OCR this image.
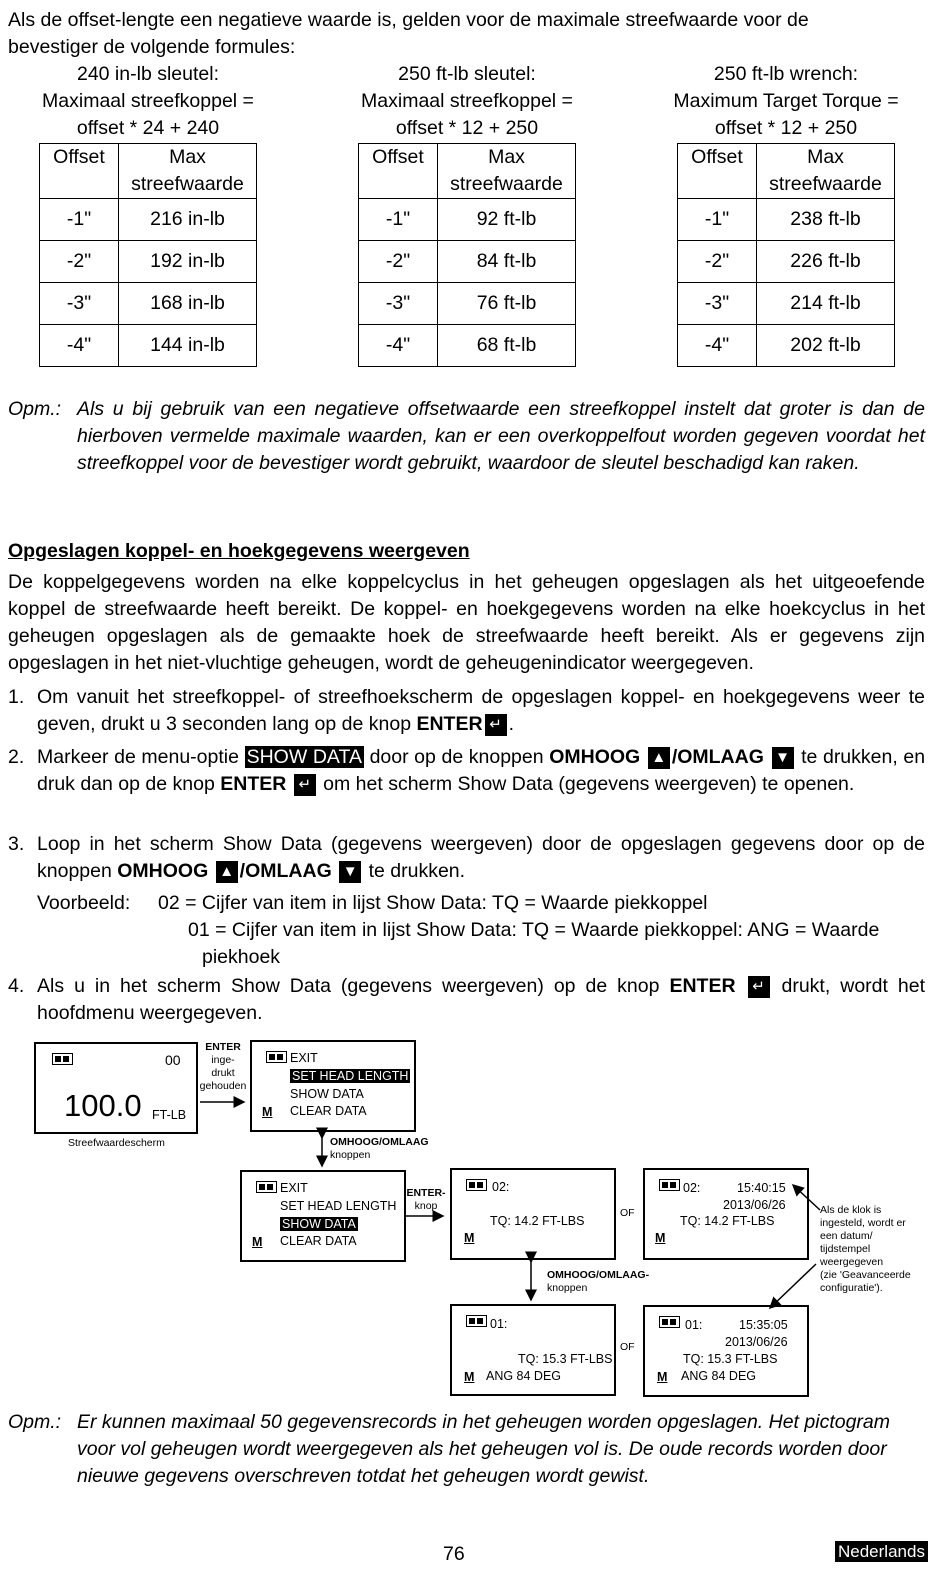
Als de offset-lengte een negatieve waarde is, gelden voor de maximale streefwaarde voor de
bevestiger de volgende formules:
240 in-lb sleutel:
Maximaal streefkoppel =
offset * 24 + 240
Offset	Max
streefwaarde
-1"	216 in-lb
-2"	192 in-lb
-3"	168 in-lb
-4"	144 in-lb
250 ft-lb sleutel:
Maximaal streefkoppel =
offset * 12 + 250
Offset	Max
streefwaarde
-1"	92 ft-lb
-2"	84 ft-lb
-3"	76 ft-lb
-4"	68 ft-lb
250 ft-lb wrench:
Maximum Target Torque =
offset * 12 + 250
Offset	Max
streefwaarde
-1"	238 ft-lb
-2"	226 ft-lb
-3"	214 ft-lb
-4"	202 ft-lb
Opm.: Als u bij gebruik van een negatieve offsetwaarde een streefkoppel instelt dat groter is dan de hierboven vermelde maximale waarden, kan er een overkoppelfout worden gegeven voordat het streefkoppel voor de bevestiger wordt gebruikt, waardoor de sleutel beschadigd kan raken.
Opgeslagen koppel- en hoekgegevens weergeven
De koppelgegevens worden na elke koppelcyclus in het geheugen opgeslagen als het uitgeoefende koppel de streefwaarde heeft bereikt. De koppel- en hoekgegevens worden na elke hoekcyclus in het geheugen opgeslagen als de gemaakte hoek de streefwaarde heeft bereikt. Als er gegevens zijn opgeslagen in het niet-vluchtige geheugen, wordt de geheugenindicator weergegeven.
1. Om vanuit het streefkoppel- of streefhoekscherm de opgeslagen koppel- en hoekgegevens weer te geven, drukt u 3 seconden lang op de knop ENTER ↵ .
2. Markeer de menu-optie SHOW DATA door op de knoppen OMHOOG ▲ /OMLAAG ▼ te drukken, en druk dan op de knop ENTER ↵ om het scherm Show Data (gegevens weergeven) te openen.
3. Loop in het scherm Show Data (gegevens weergeven) door de opgeslagen gegevens door op de knoppen OMHOOG ▲ /OMLAAG ▼ te drukken.
Voorbeeld: 02 = Cijfer van item in lijst Show Data: TQ = Waarde piekkoppel
01 = Cijfer van item in lijst Show Data: TQ = Waarde piekkoppel: ANG = Waarde
piekhoek
4. Als u in het scherm Show Data (gegevens weergeven) op de knop ENTER ↵ drukt, wordt het hoofdmenu weergegeven.
00
100.0 FT-LB
Streefwaardescherm
ENTER
inge-
drukt
gehouden
EXIT
SET HEAD LENGTH
SHOW DATA
M CLEAR DATA
OMHOOG/OMLAAG
knoppen
EXIT
SET HEAD LENGTH
SHOW DATA
M CLEAR DATA
ENTER-
knop
02:
TQ: 14.2 FT-LBS
M
OF
02:	15:40:15
2013/06/26
TQ: 14.2 FT-LBS
M
Als de klok is
ingesteld, wordt er
een datum/
tijdstempel
weergegeven
(zie 'Geavanceerde
configuratie').
OMHOOG/OMLAAG-
knoppen
01:
TQ: 15.3 FT-LBS
M ANG 84 DEG
OF
01:	15:35:05
2013/06/26
TQ: 15.3 FT-LBS
M ANG 84 DEG
Opm.: Er kunnen maximaal 50 gegevensrecords in het geheugen worden opgeslagen. Het pictogram voor vol geheugen wordt weergegeven als het geheugen vol is. De oude records worden door nieuwe gegevens overschreven totdat het geheugen wordt gewist.
76	Nederlands
